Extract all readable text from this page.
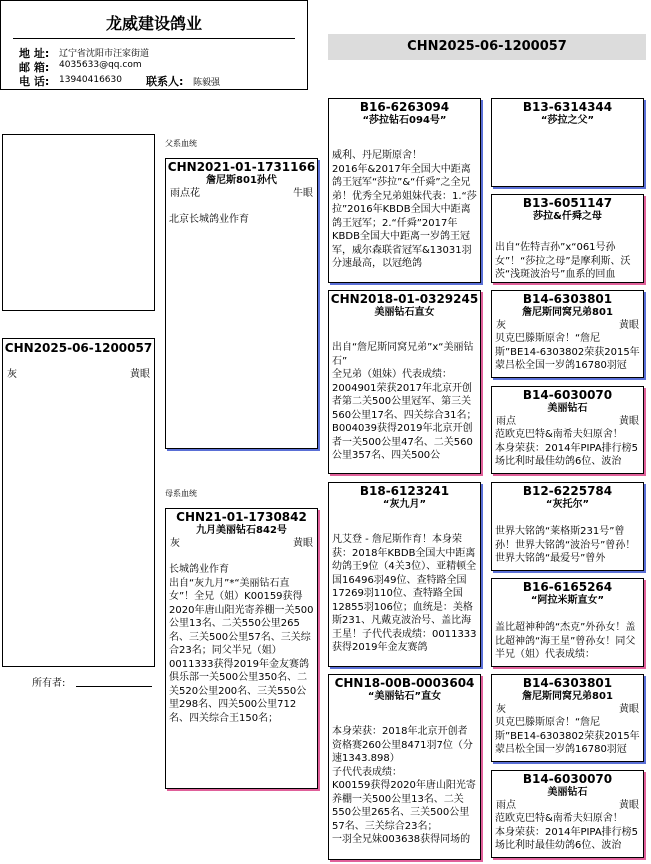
龙威建设鸽业
地 址: 辽宁省沈阳市汪家街道
邮 箱: 4035633@qq.com
电 话: 13940416630 联系人: 陈毅强
CHN2025-06-1200057
CHN2025-06-1200057
灰	黄眼
所有者:
父系血统
母系血统
CHN2021-01-1731166
詹尼斯801孙代
雨点花	牛眼
北京长城鸽业作育
CHN21-01-1730842
九月美丽钻石842号
灰	黄眼
长城鸽业作育
出自“灰九月”*“美丽钻石直女”！全兄（姐）K00159获得2020年唐山阳光寄养棚一关500公里13名、二关550公里265名、三关500公里57名、三关综合23名；同父半兄（姐）0011333获得2019年金友赛鸽俱乐部一关500公里350名、二关520公里200名、三关550公里298名、四关500公里712名、四关综合王150名；
B16-6263094
“莎拉钻石094号”
威利、丹尼斯原舍！
2016年&2017年全国大中距离鸽王冠军“莎拉”&“仟舜”之全兄弟！优秀全兄弟姐妹代表：1.“莎拉”2016年KBDB全国大中距离鸽王冠军；2.“仟舜”2017年KBDB全国大中距离一岁鸽王冠军，威尔森联省冠军&13031羽分速最高，以冠绝鸽
CHN2018-01-0329245
美丽钻石直女
出自“詹尼斯同窝兄弟”x“美丽钻石”
全兄弟（姐妹）代表成绩：2004901荣获2017年北京开创者第二关500公里冠军、第三关560公里17名、四关综合31名；B004039获得2019年北京开创者一关500公里47名、二关560公里357名、四关500公
B18-6123241
“灰九月”
凡艾登 - 詹尼斯作育！本身荣获：2018年KBDB全国大中距离幼鸽王9位（4关3位）、亚精顿全国16496羽49位、查特路全国17269羽110位、查特路全国12855羽106位；血统是：美格斯231、凡戴克波治号、盖比海王星！子代代表成绩：0011333获得2019年金友赛鸽
CHN18-00B-0003604
“美丽钻石”直女
本身荣获：2018年北京开创者资格赛260公里8471羽7位（分速1343.898）
子代代表成绩：
K00159获得2020年唐山阳光寄养棚一关500公里13名、二关550公里265名、三关500公里57名、三关综合23名；
一羽全兄妹003638获得同场的
B13-6314344
“莎拉之父”
B13-6051147
莎拉&仟舜之母
出自“佐特吉孙”x“061号孙女”！“莎拉之母”是摩利斯、沃茨“浅斑波治号”血系的回血
B14-6303801
詹尼斯同窝兄弟801
灰	黄眼
贝克巴滕斯原舍！“詹尼斯”BE14-6303802荣获2015年蒙吕松全国一岁鸽16780羽冠
B14-6030070
美丽钻石
雨点	黄眼
范欧克巴特&南希夫妇原舍！
本身荣获：2014年PIPA排行榜5场比利时最佳幼鸽6位、波治
B12-6225784
“灰托尔”
世界大铭鸽“莱格斯231号”曾孙！世界大铭鸽“波治号”曾孙！世界大铭鸽“最爱号”曾外
B16-6165264
“阿拉米斯直女”
盖比超神种鸽“杰克”外孙女！盖比超神鸽“海王星”曾孙女！同父半兄（姐）代表成绩：
B14-6303801
詹尼斯同窝兄弟801
灰	黄眼
贝克巴滕斯原舍！“詹尼斯”BE14-6303802荣获2015年蒙吕松全国一岁鸽16780羽冠
B14-6030070
美丽钻石
雨点	黄眼
范欧克巴特&南希夫妇原舍！
本身荣获：2014年PIPA排行榜5场比利时最佳幼鸽6位、波治
